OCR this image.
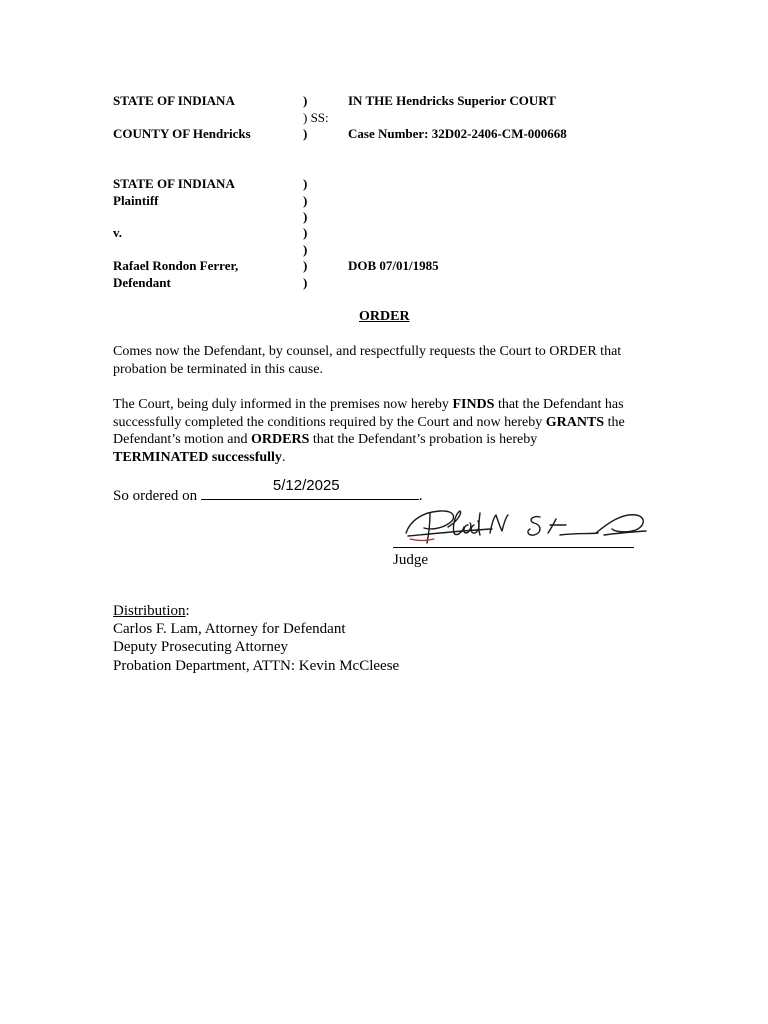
STATE OF INDIANA
COUNTY OF Hendricks
)
) SS:
)
IN THE Hendricks Superior COURT
Case Number: 32D02-2406-CM-000668
STATE OF INDIANA
Plaintiff
v.
Rafael Rondon Ferrer,
Defendant
)
)
)
)
)
)
)
DOB 07/01/1985
ORDER
Comes now the Defendant, by counsel, and respectfully requests the Court to ORDER that probation be terminated in this cause.
The Court, being duly informed in the premises now hereby FINDS that the Defendant has successfully completed the conditions required by the Court and now hereby GRANTS the Defendant’s motion and ORDERS that the Defendant’s probation is hereby TERMINATED successfully.
So ordered on
5/12/2025
.
Judge
Distribution:
Carlos F. Lam, Attorney for Defendant
Deputy Prosecuting Attorney
Probation Department, ATTN: Kevin McCleese
